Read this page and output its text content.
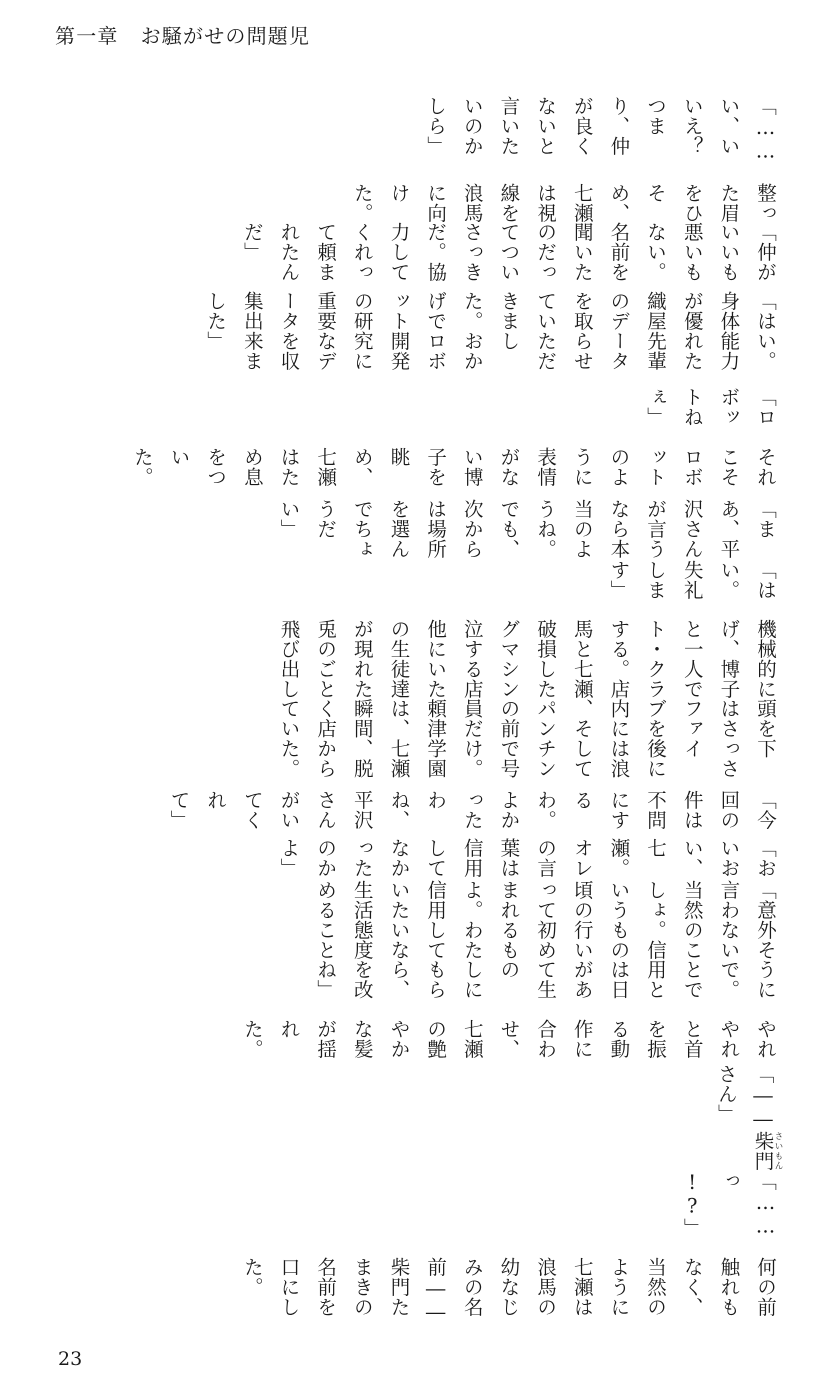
第一章 お騒がせの問題児

「……い、いいえ？　つまり、仲が良くないと言いたいのかしら」

整った眉をひそめ、七瀬は視線を浪馬に向けた。

「仲がいいも悪いもない。名前を聞いたのだってついさっきだ。協力してくれって頼まれたんだ」

「はい。身体能力が優れた織屋先輩のデータを取らせていただきました。おかげでロボット開発の研究に重要なデータを収集出来ました」

「ロボットねぇ」

それこそロボットのように表情がない博子を眺め、七瀬はため息をついた。

「まあ、平沢さんが言うなら本当のようね。でも、次からは場所を選んでちょうだい」

「はい。失礼します」

機械的に頭を下げ、博子はさっさと一人でファイト・クラブを後にする。店内には浪馬と七瀬、そして破損したパンチングマシンの前で号泣する店員だけ。他にいた頼津学園の生徒達は、七瀬が現れた瞬間、脱兎のごとく店から飛び出していた。

「今回の件は不問にするわ。よかったわね、平沢さんがいてくれて」

「おいおい、七瀬。オレの言葉は信用してなかったのかよ」

「意外そうに言わないで。当然のことでしょ。信用というものは日頃の行いがあって初めて生まれるものよ。わたしに信用してもらいたいなら、生活態度を改めることね」

やれやれと首を振る動作に合わせ、七瀬の艶やかな髪が揺れた。

「――柴門さいもんさん」

「……っ !?」

何の前触れもなく、当然のように七瀬は浪馬の幼なじみの名前――柴門たまきの名前を口にした。

23
